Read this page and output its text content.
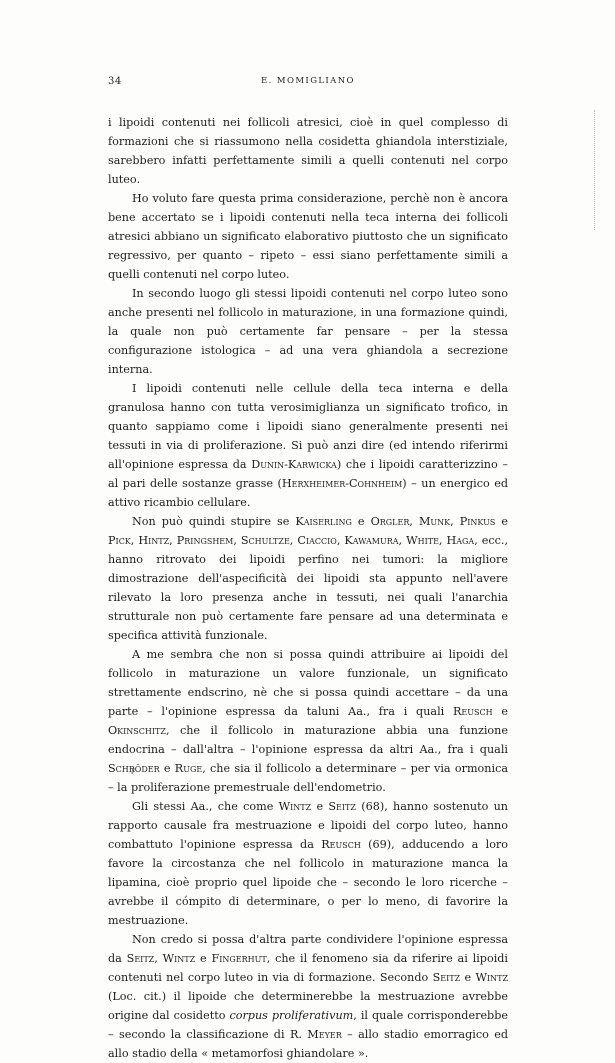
34	E. MOMIGLIANO

i lipoidi contenuti nei follicoli atresici, cioè in quel complesso di formazioni che si riassumono nella cosidetta ghiandola interstiziale, sarebbero infatti perfettamente simili a quelli contenuti nel corpo luteo.

Ho voluto fare questa prima considerazione, perchè non è ancora bene accertato se i lipoidi contenuti nella teca interna dei follicoli atresici abbiano un significato elaborativo piuttosto che un significato regressivo, per quanto – ripeto – essi siano perfettamente simili a quelli contenuti nel corpo luteo.

In secondo luogo gli stessi lipoidi contenuti nel corpo luteo sono anche presenti nel follicolo in maturazione, in una formazione quindi, la quale non può certamente far pensare – per la stessa configurazione istologica – ad una vera ghiandola a secrezione interna.

I lipoidi contenuti nelle cellule della teca interna e della granulosa hanno con tutta verosimiglianza un significato trofico, in quanto sappiamo come i lipoidi siano generalmente presenti nei tessuti in via di proliferazione. Si può anzi dire (ed intendo riferirmi all'opinione espressa da Dunin-Karwicka) che i lipoidi caratterizzino – al pari delle sostanze grasse (Herxheimer-Cohnheim) – un energico ed attivo ricambio cellulare.

Non può quindi stupire se Kaiserling e Orgler, Munk, Pinkus e Pick, Hintz, Pringshem, Schultze, Ciaccio, Kawamura, White, Haga, ecc., hanno ritrovato dei lipoidi perfino nei tumori: la migliore dimostrazione dell'aspecificità dei lipoidi sta appunto nell'avere rilevato la loro presenza anche in tessuti, nei quali l'anarchia strutturale non può certamente fare pensare ad una determinata e specifica attività funzionale.

A me sembra che non si possa quindi attribuire ai lipoidi del follicolo in maturazione un valore funzionale, un significato strettamente endscrino, nè che si possa quindi accettare – da una parte – l'opinione espressa da taluni Aa., fra i quali Reusch e Okinschitz, che il follicolo in maturazione abbia una funzione endocrina – dall'altra – l'opinione espressa da altri Aa., fra i quali Schröder e Ruge, che sia il follicolo a determinare – per via ormonica – la proliferazione premestruale dell'endometrio.

Gli stessi Aa., che come Wintz e Seitz (68), hanno sostenuto un rapporto causale fra mestruazione e lipoidi del corpo luteo, hanno combattuto l'opinione espressa da Reusch (69), adducendo a loro favore la circostanza che nel follicolo in maturazione manca la lipamina, cioè proprio quel lipoide che – secondo le loro ricerche – avrebbe il cómpito di determinare, o per lo meno, di favorire la mestruazione.

Non credo si possa d'altra parte condividere l'opinione espressa da Seitz, Wintz e Fingerhut, che il fenomeno sia da riferire ai lipoidi contenuti nel corpo luteo in via di formazione. Secondo Seitz e Wintz (Loc. cit.) il lipoide che determinerebbe la mestruazione avrebbe origine dal cosidetto corpus proliferativum, il quale corrisponderebbe – secondo la classificazione di R. Meyer – allo stadio emorragico ed allo stadio della « metamorfosi ghiandolare ».
